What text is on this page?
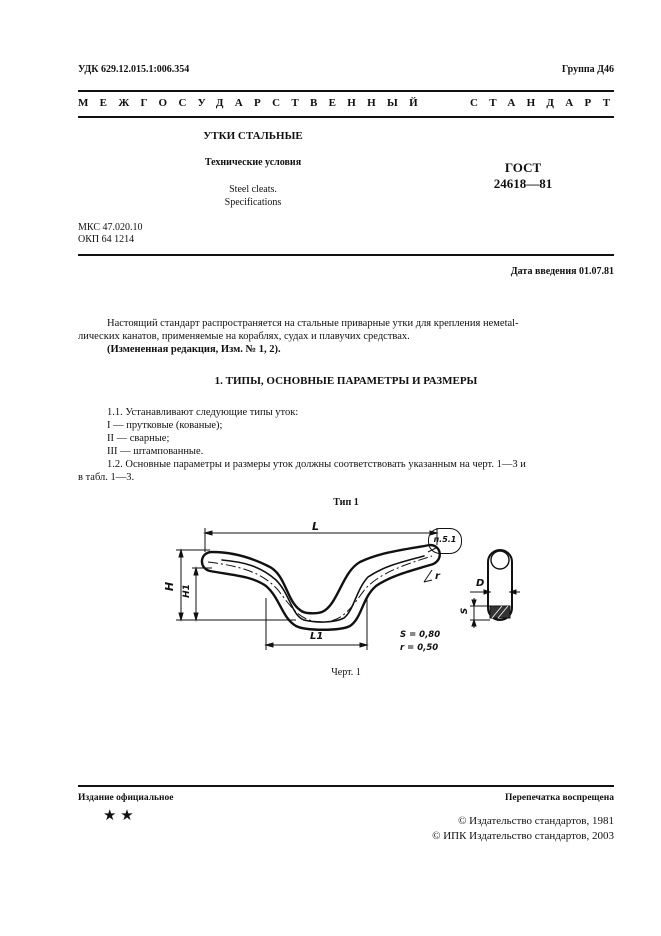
УДК 629.12.015.1:006.354	Группа Д46
МЕЖГОСУДАРСТВЕННЫЙ	СТАНДАРТ
УТКИ СТАЛЬНЫЕ
Технические условия
Steel cleats.
Specifications
ГОСТ
24618—81
МКС 47.020.10
ОКП 64 1214
Дата введения 01.07.81
Настоящий стандарт распространяется на стальные приварные утки для крепления немetal-
лических канатов, применяемые на кораблях, судах и плавучих средствах.
(Измененная редакция, Изм. № 1, 2).
1. ТИПЫ, ОСНОВНЫЕ ПАРАМЕТРЫ И РАЗМЕРЫ
1.1. Устанавливают следующие типы уток:
I — прутковые (кованые);
II — сварные;
III — штампованные.
1.2. Основные параметры и размеры уток должны соответствовать указанным на черт. 1—3 и
в табл. 1—3.
Тип 1
L
L1
H H1
r
D
S
п.5.1
S = 0,80
r = 0,50
Черт. 1
Издание официальное	Перепечатка воспрещена
★ ★	© Издательство стандартов, 1981
© ИПК Издательство стандартов, 2003
